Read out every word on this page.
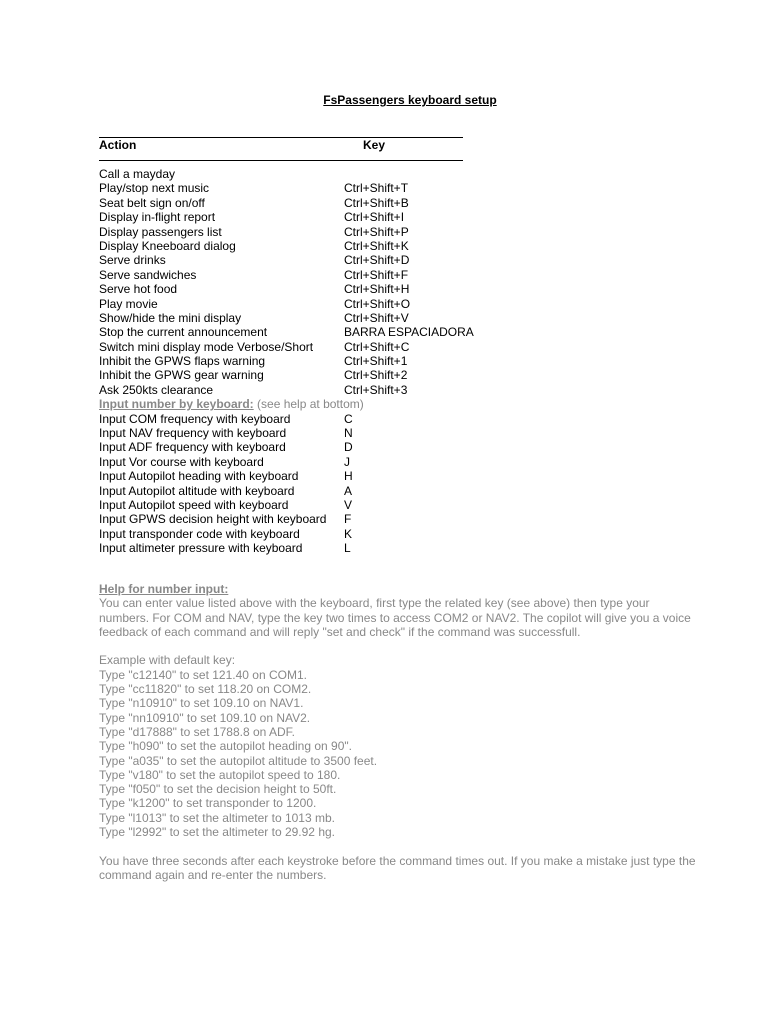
FsPassengers keyboard setup
Action	Key
Call a mayday
Play/stop next music	Ctrl+Shift+T
Seat belt sign on/off	Ctrl+Shift+B
Display in-flight report	Ctrl+Shift+I
Display passengers list	Ctrl+Shift+P
Display Kneeboard dialog	Ctrl+Shift+K
Serve drinks	Ctrl+Shift+D
Serve sandwiches	Ctrl+Shift+F
Serve hot food	Ctrl+Shift+H
Play movie	Ctrl+Shift+O
Show/hide the mini display	Ctrl+Shift+V
Stop the current announcement	BARRA ESPACIADORA
Switch mini display mode Verbose/Short	Ctrl+Shift+C
Inhibit the GPWS flaps warning	Ctrl+Shift+1
Inhibit the GPWS gear warning	Ctrl+Shift+2
Ask 250kts clearance	Ctrl+Shift+3
Input number by keyboard: (see help at bottom)
Input COM frequency with keyboard	C
Input NAV frequency with keyboard	N
Input ADF frequency with keyboard	D
Input Vor course with keyboard	J
Input Autopilot heading with keyboard	H
Input Autopilot altitude with keyboard	A
Input Autopilot speed with keyboard	V
Input GPWS decision height with keyboard F
Input transponder code with keyboard	K
Input altimeter pressure with keyboard	L

Help for number input:

You can enter value listed above with the keyboard, first type the related key (see above) then type your

numbers. For COM and NAV, type the key two times to access COM2 or NAV2. The copilot will give you a voice

feedback of each command and will reply "set and check" if the command was successfull.

Example with default key:

Type "c12140" to set 121.40 on COM1.

Type "cc11820" to set 118.20 on COM2.

Type "n10910" to set 109.10 on NAV1.

Type "nn10910" to set 109.10 on NAV2.

Type "d17888" to set 1788.8 on ADF.

Type "h090" to set the autopilot heading on 90".

Type "a035" to set the autopilot altitude to 3500 feet.

Type "v180" to set the autopilot speed to 180.

Type "f050" to set the decision height to 50ft.

Type "k1200" to set transponder to 1200.

Type "l1013" to set the altimeter to 1013 mb.

Type "l2992" to set the altimeter to 29.92 hg.

You have three seconds after each keystroke before the command times out. If you make a mistake just type the

command again and re-enter the numbers.
